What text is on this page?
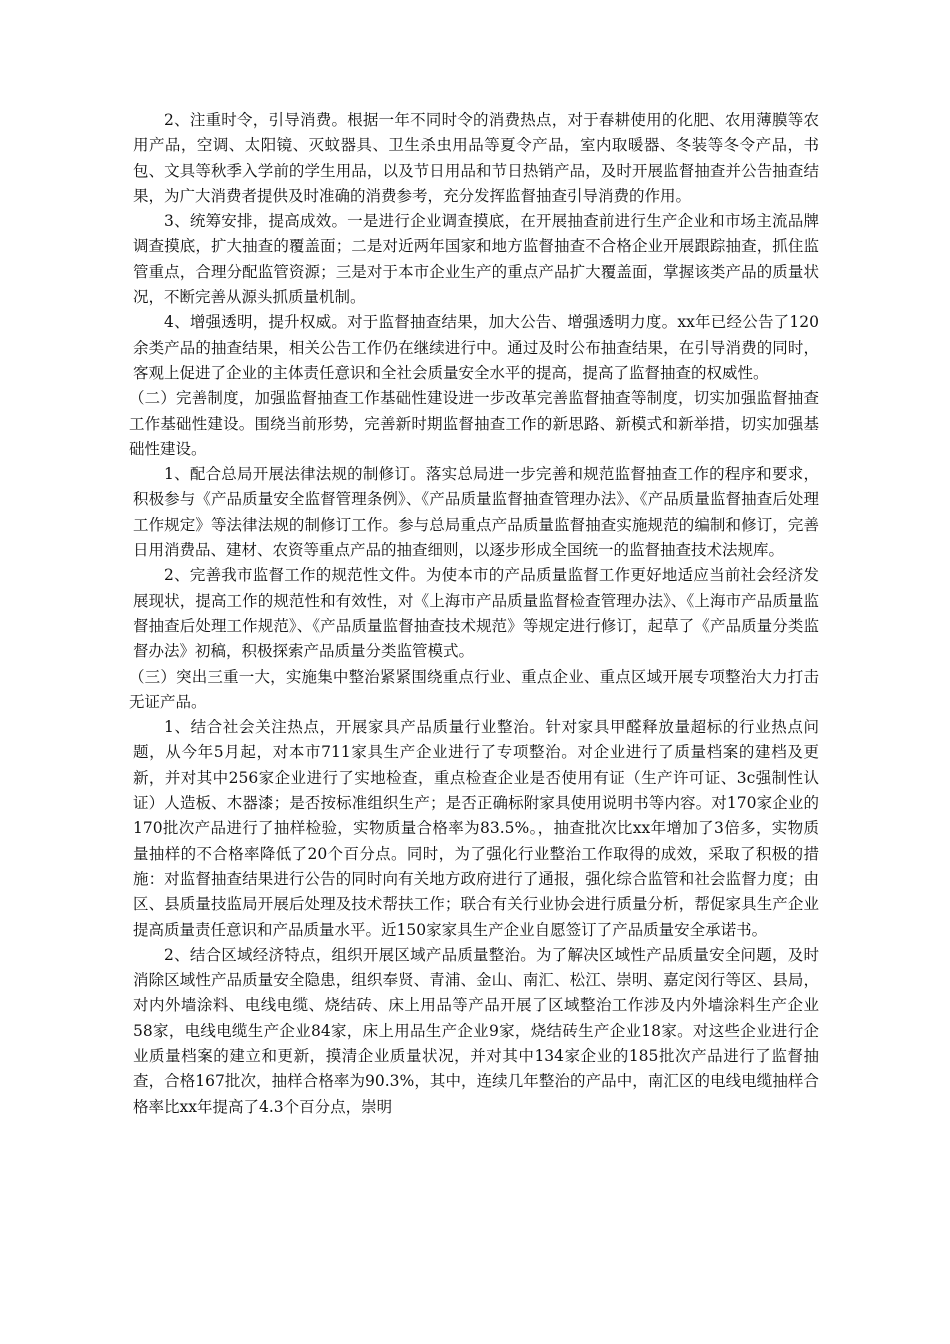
2、注重时令，引导消费。根据一年不同时令的消费热点，对于春耕使用的化肥、农用薄膜等农用产品，空调、太阳镜、灭蚊器具、卫生杀虫用品等夏令产品，室内取暖器、冬装等冬令产品，书包、文具等秋季入学前的学生用品，以及节日用品和节日热销产品，及时开展监督抽查并公告抽查结果，为广大消费者提供及时准确的消费参考，充分发挥监督抽查引导消费的作用。

3、统筹安排，提高成效。一是进行企业调查摸底，在开展抽查前进行生产企业和市场主流品牌调查摸底，扩大抽查的覆盖面；二是对近两年国家和地方监督抽查不合格企业开展跟踪抽查，抓住监管重点，合理分配监管资源；三是对于本市企业生产的重点产品扩大覆盖面，掌握该类产品的质量状况，不断完善从源头抓质量机制。

4、增强透明，提升权威。对于监督抽查结果，加大公告、增强透明力度。xx年已经公告了120余类产品的抽查结果，相关公告工作仍在继续进行中。通过及时公布抽查结果，在引导消费的同时，客观上促进了企业的主体责任意识和全社会质量安全水平的提高，提高了监督抽查的权威性。

（二）完善制度，加强监督抽查工作基础性建设进一步改革完善监督抽查等制度，切实加强监督抽查工作基础性建设。围绕当前形势，完善新时期监督抽查工作的新思路、新模式和新举措，切实加强基础性建设。

1、配合总局开展法律法规的制修订。落实总局进一步完善和规范监督抽查工作的程序和要求，积极参与《产品质量安全监督管理条例》、《产品质量监督抽查管理办法》、《产品质量监督抽查后处理工作规定》等法律法规的制修订工作。参与总局重点产品质量监督抽查实施规范的编制和修订，完善日用消费品、建材、农资等重点产品的抽查细则，以逐步形成全国统一的监督抽查技术法规库。

2、完善我市监督工作的规范性文件。为使本市的产品质量监督工作更好地适应当前社会经济发展现状，提高工作的规范性和有效性，对《上海市产品质量监督检查管理办法》、《上海市产品质量监督抽查后处理工作规范》、《产品质量监督抽查技术规范》等规定进行修订，起草了《产品质量分类监督办法》初稿，积极探索产品质量分类监管模式。

（三）突出三重一大，实施集中整治紧紧围绕重点行业、重点企业、重点区域开展专项整治大力打击无证产品。

1、结合社会关注热点，开展家具产品质量行业整治。针对家具甲醛释放量超标的行业热点问题，从今年5月起，对本市711家具生产企业进行了专项整治。对企业进行了质量档案的建档及更新，并对其中256家企业进行了实地检查，重点检查企业是否使用有证（生产许可证、3c强制性认证）人造板、木器漆；是否按标准组织生产；是否正确标附家具使用说明书等内容。对170家企业的170批次产品进行了抽样检验，实物质量合格率为83.5%。，抽查批次比xx年增加了3倍多，实物质量抽样的不合格率降低了20个百分点。同时，为了强化行业整治工作取得的成效，采取了积极的措施：对监督抽查结果进行公告的同时向有关地方政府进行了通报，强化综合监管和社会监督力度；由区、县质量技监局开展后处理及技术帮扶工作；联合有关行业协会进行质量分析，帮促家具生产企业提高质量责任意识和产品质量水平。近150家家具生产企业自愿签订了产品质量安全承诺书。

2、结合区域经济特点，组织开展区域产品质量整治。为了解决区域性产品质量安全问题，及时消除区域性产品质量安全隐患，组织奉贤、青浦、金山、南汇、松江、崇明、嘉定闵行等区、县局，对内外墙涂料、电线电缆、烧结砖、床上用品等产品开展了区域整治工作涉及内外墙涂料生产企业58家，电线电缆生产企业84家，床上用品生产企业9家，烧结砖生产企业18家。对这些企业进行企业质量档案的建立和更新，摸清企业质量状况，并对其中134家企业的185批次产品进行了监督抽查，合格167批次，抽样合格率为90.3%，其中，连续几年整治的产品中，南汇区的电线电缆抽样合格率比xx年提高了4.3个百分点，崇明
